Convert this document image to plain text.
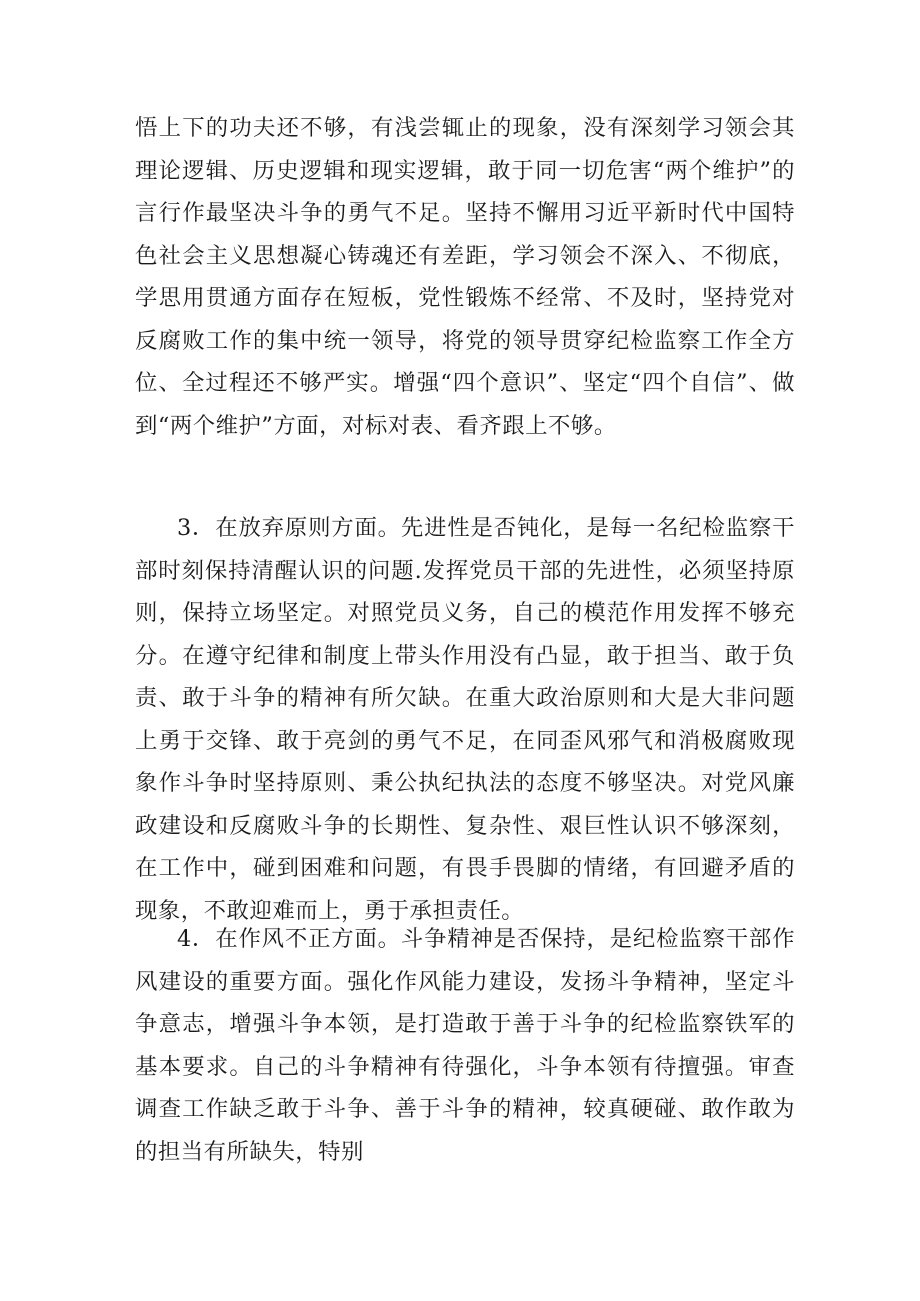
悟上下的功夫还不够，有浅尝辄止的现象，没有深刻学习领会其理论逻辑、历史逻辑和现实逻辑，敢于同一切危害“两个维护”的言行作最坚决斗争的勇气不足。坚持不懈用习近平新时代中国特色社会主义思想凝心铸魂还有差距，学习领会不深入、不彻底，学思用贯通方面存在短板，党性锻炼不经常、不及时，坚持党对反腐败工作的集中统一领导，将党的领导贯穿纪检监察工作全方位、全过程还不够严实。增强“四个意识”、坚定“四个自信”、做到“两个维护”方面，对标对表、看齐跟上不够。

3．在放弃原则方面。先进性是否钝化，是每一名纪检监察干部时刻保持清醒认识的问题.发挥党员干部的先进性，必须坚持原则，保持立场坚定。对照党员义务，自己的模范作用发挥不够充分。在遵守纪律和制度上带头作用没有凸显，敢于担当、敢于负责、敢于斗争的精神有所欠缺。在重大政治原则和大是大非问题上勇于交锋、敢于亮剑的勇气不足，在同歪风邪气和消极腐败现象作斗争时坚持原则、秉公执纪执法的态度不够坚决。对党风廉政建设和反腐败斗争的长期性、复杂性、艰巨性认识不够深刻，在工作中，碰到困难和问题，有畏手畏脚的情绪，有回避矛盾的现象，不敢迎难而上，勇于承担责任。

4．在作风不正方面。斗争精神是否保持，是纪检监察干部作风建设的重要方面。强化作风能力建设，发扬斗争精神，坚定斗争意志，增强斗争本领，是打造敢于善于斗争的纪检监察铁军的基本要求。自己的斗争精神有待强化，斗争本领有待擅强。审查调查工作缺乏敢于斗争、善于斗争的精神，较真硬碰、敢作敢为的担当有所缺失，特别
